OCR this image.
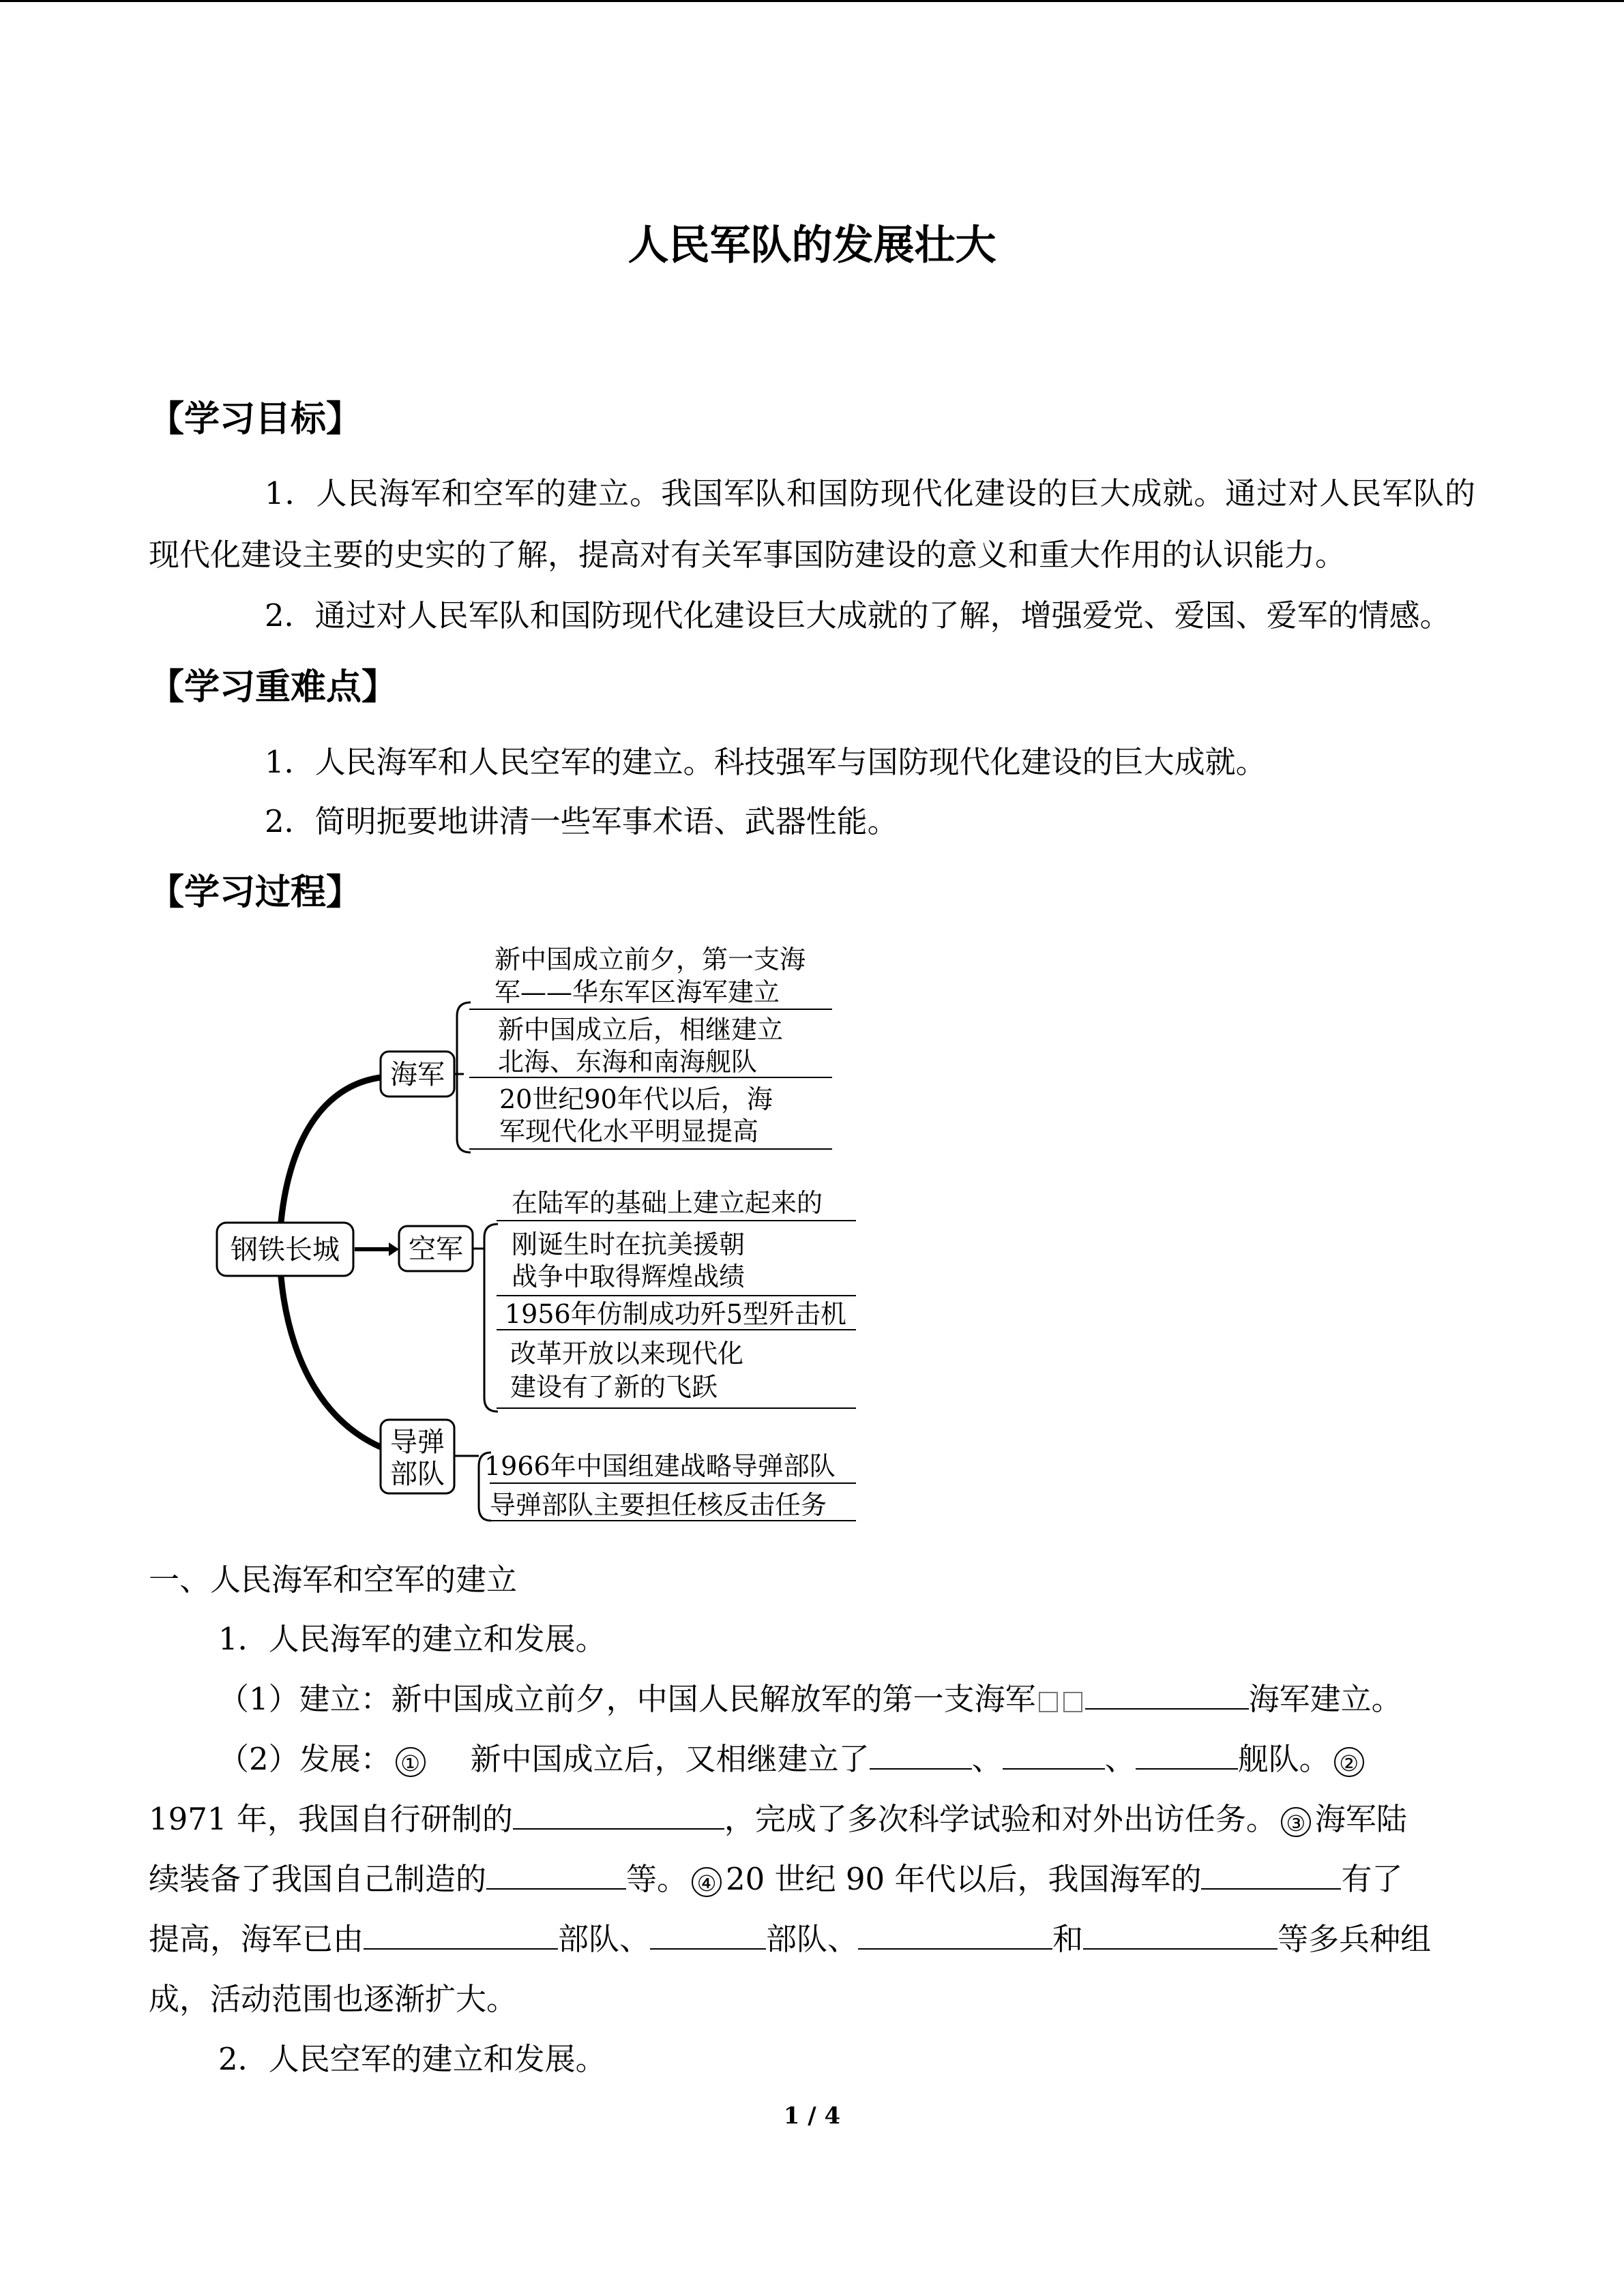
人民军队的发展壮大
【学习目标】
1．人民海军和空军的建立。我国军队和国防现代化建设的巨大成就。通过对人民军队的现代化建设主要的史实的了解，提高对有关军事国防建设的意义和重大作用的认识能力。
2．通过对人民军队和国防现代化建设巨大成就的了解，增强爱党、爱国、爱军的情感。
【学习重难点】
1．人民海军和人民空军的建立。科技强军与国防现代化建设的巨大成就。
2．简明扼要地讲清一些军事术语、武器性能。
【学习过程】
钢铁长城
海军
新中国成立前夕，第一支海
军——华东军区海军建立
新中国成立后，相继建立
北海、东海和南海舰队
20世纪90年代以后，海
军现代化水平明显提高
空军
在陆军的基础上建立起来的
刚诞生时在抗美援朝
战争中取得辉煌战绩
1956年仿制成功歼5型歼击机
改革开放以来现代化
建设有了新的飞跃
导弹
部队 1966年中国组建战略导弹部队
导弹部队主要担任核反击任务
一、人民海军和空军的建立
1．人民海军的建立和发展。
（1）建立：新中国成立前夕，中国人民解放军的第一支海军	海军建立。
（2）发展： ① 新中国成立后，又相继建立了	、	、	舰队。 ②
1971 年，我国自行研制的	，完成了多次科学试验和对外出访任务。 ③ 海军陆
续装备了我国自己制造的	等。 ④ 20 世纪 90 年代以后，我国海军的	有了
提高，海军已由	部队、	部队、	和	等多兵种组
成，活动范围也逐渐扩大。
2．人民空军的建立和发展。
1 / 4
